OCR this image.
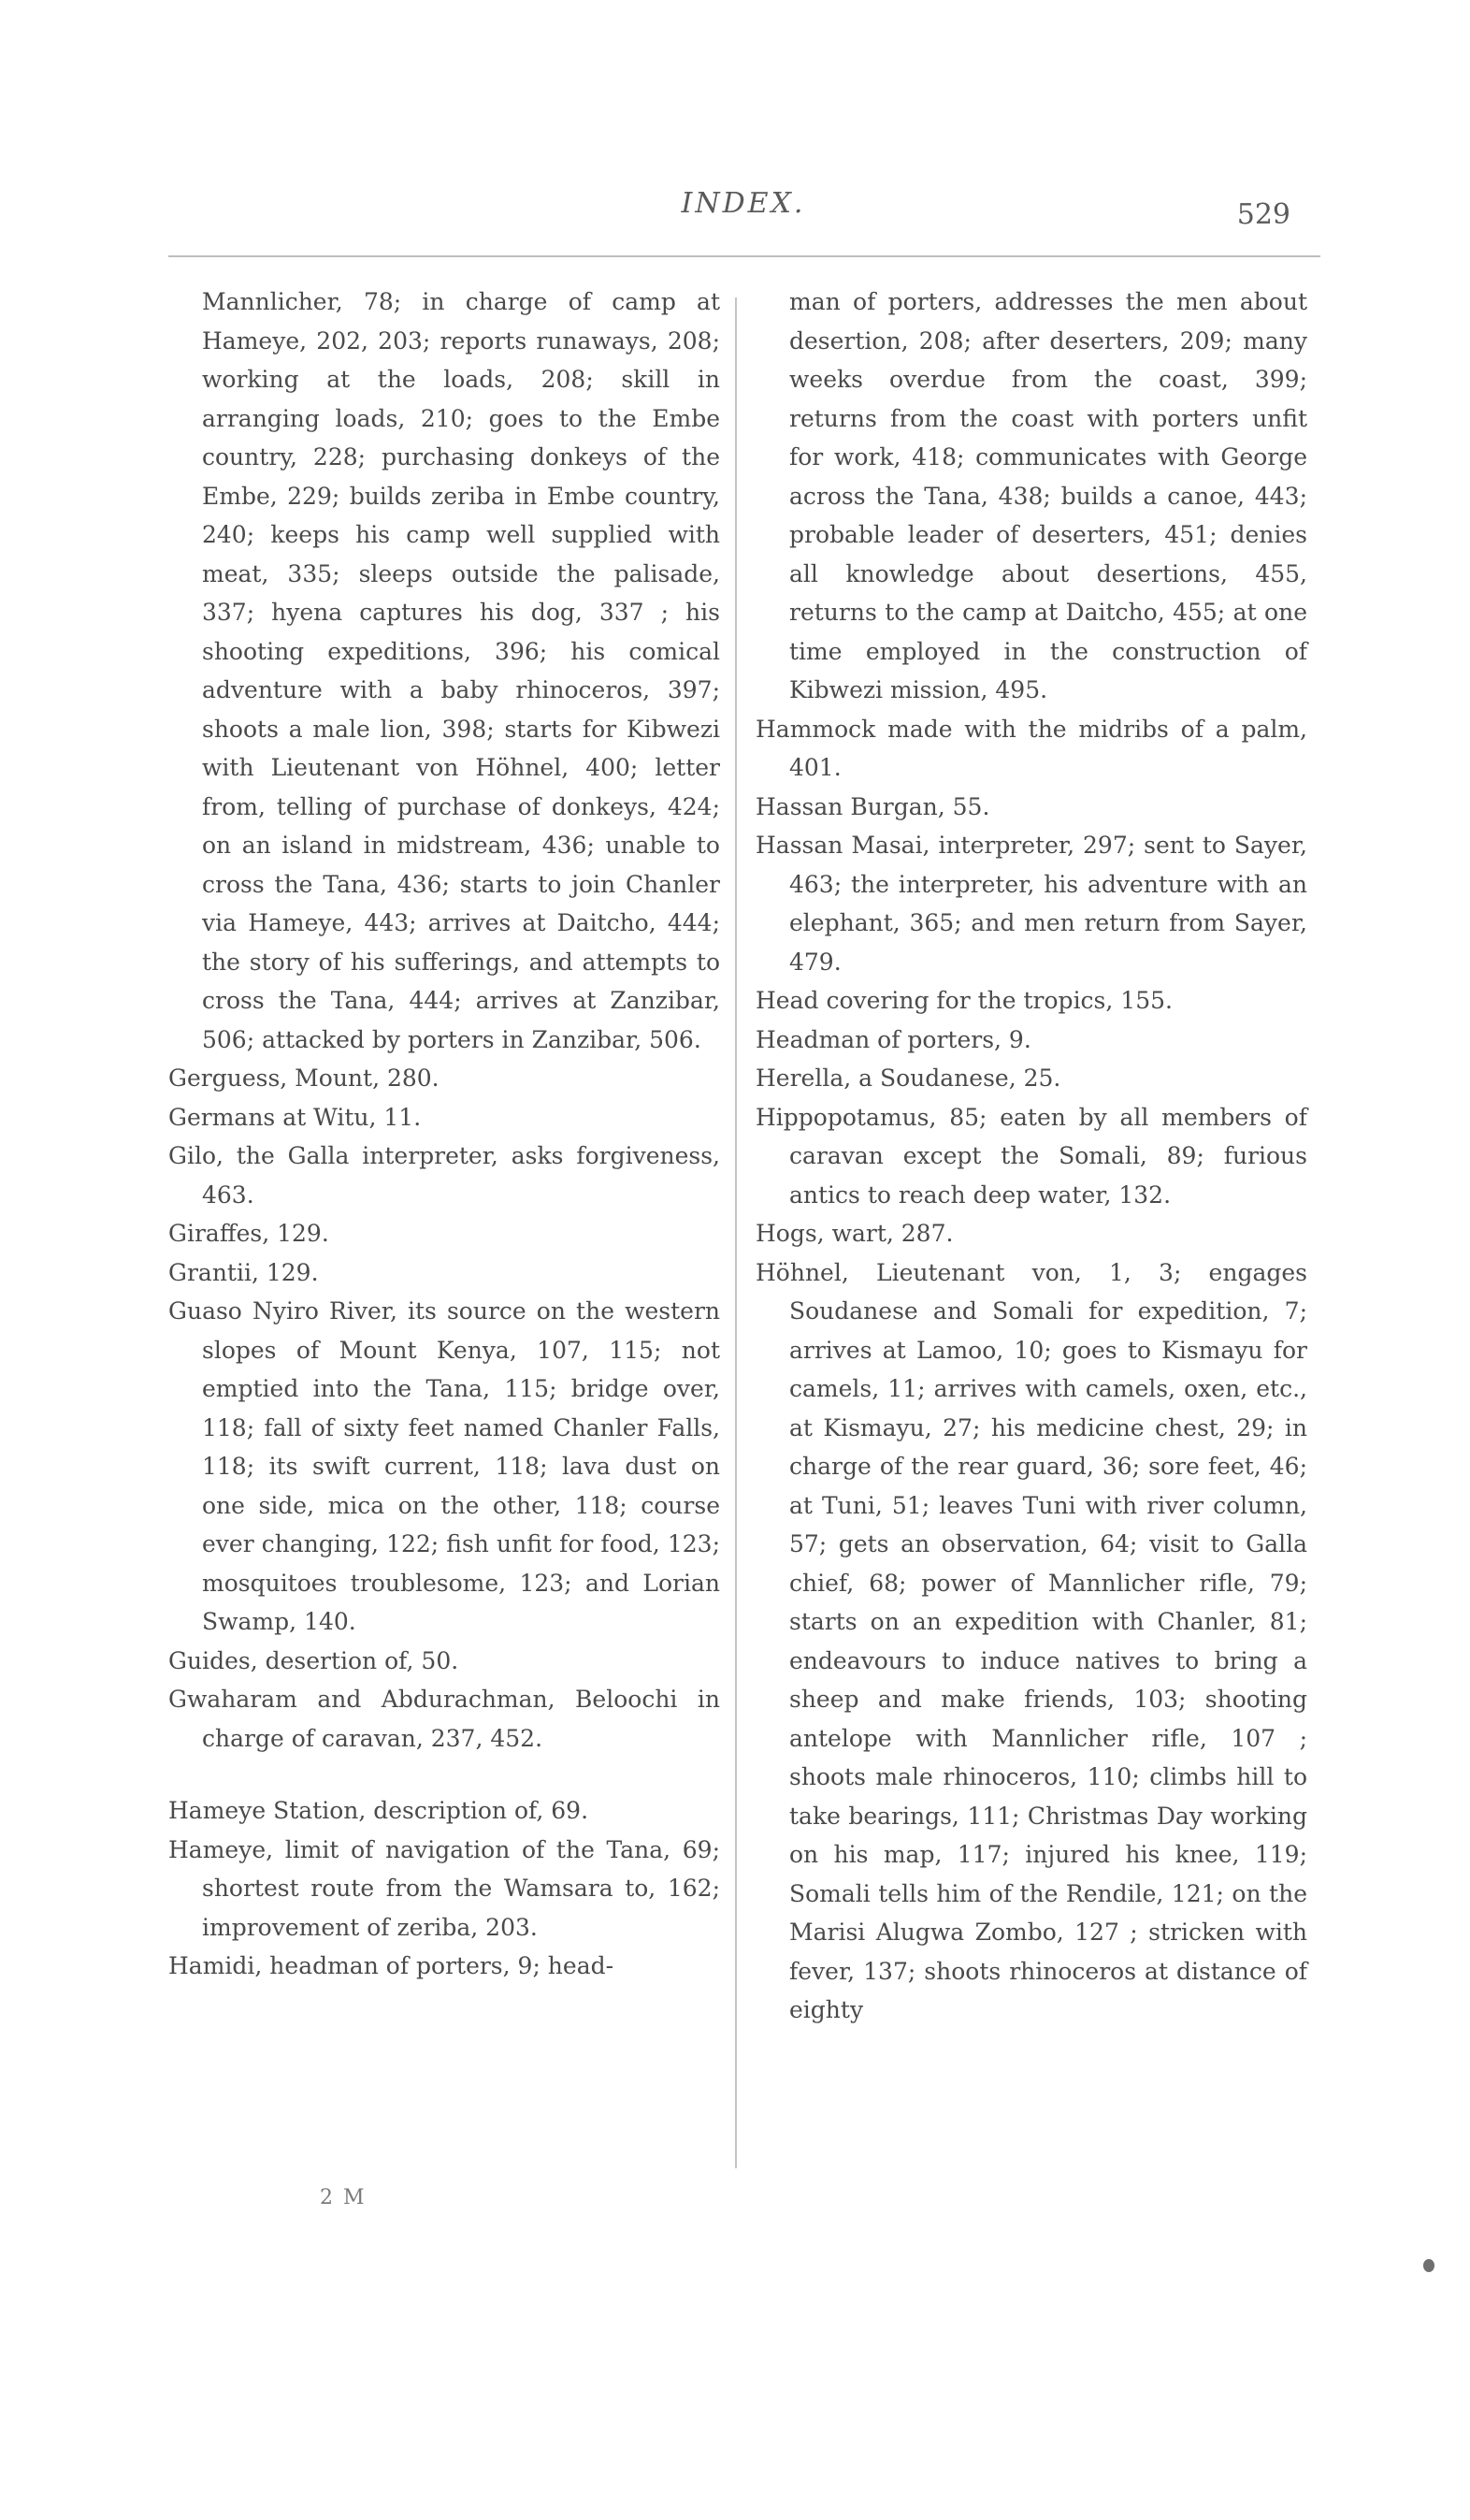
INDEX.	529

Mannlicher, 78; in charge of camp at Hameye, 202, 203; reports runaways, 208; working at the loads, 208; skill in arranging loads, 210; goes to the Embe country, 228; purchasing donkeys of the Embe, 229; builds zeriba in Embe country, 240; keeps his camp well supplied with meat, 335; sleeps outside the palisade, 337; hyena captures his dog, 337 ; his shooting expeditions, 396; his comical adventure with a baby rhinoceros, 397; shoots a male lion, 398; starts for Kibwezi with Lieutenant von Höhnel, 400; letter from, telling of purchase of donkeys, 424; on an island in midstream, 436; unable to cross the Tana, 436; starts to join Chanler via Hameye, 443; arrives at Daitcho, 444; the story of his sufferings, and attempts to cross the Tana, 444; arrives at Zanzibar, 506; attacked by porters in Zanzibar, 506.

Gerguess, Mount, 280.

Germans at Witu, 11.

Gilo, the Galla interpreter, asks forgiveness, 463.

Giraffes, 129.

Grantii, 129.

Guaso Nyiro River, its source on the western slopes of Mount Kenya, 107, 115; not emptied into the Tana, 115; bridge over, 118; fall of sixty feet named Chanler Falls, 118; its swift current, 118; lava dust on one side, mica on the other, 118; course ever changing, 122; fish unfit for food, 123; mosquitoes troublesome, 123; and Lorian Swamp, 140.

Guides, desertion of, 50.

Gwaharam and Abdurachman, Beloochi in charge of caravan, 237, 452.

Hameye Station, description of, 69.

Hameye, limit of navigation of the Tana, 69; shortest route from the Wamsara to, 162; improvement of zeriba, 203.

Hamidi, headman of porters, 9; head-

man of porters, addresses the men about desertion, 208; after deserters, 209; many weeks overdue from the coast, 399; returns from the coast with porters unfit for work, 418; communicates with George across the Tana, 438; builds a canoe, 443; probable leader of deserters, 451; denies all knowledge about desertions, 455, returns to the camp at Daitcho, 455; at one time employed in the construction of Kibwezi mission, 495.

Hammock made with the midribs of a palm, 401.

Hassan Burgan, 55.

Hassan Masai, interpreter, 297; sent to Sayer, 463; the interpreter, his adventure with an elephant, 365; and men return from Sayer, 479.

Head covering for the tropics, 155.

Headman of porters, 9.

Herella, a Soudanese, 25.

Hippopotamus, 85; eaten by all members of caravan except the Somali, 89; furious antics to reach deep water, 132.

Hogs, wart, 287.

Höhnel, Lieutenant von, 1, 3; engages Soudanese and Somali for expedition, 7; arrives at Lamoo, 10; goes to Kismayu for camels, 11; arrives with camels, oxen, etc., at Kismayu, 27; his medicine chest, 29; in charge of the rear guard, 36; sore feet, 46; at Tuni, 51; leaves Tuni with river column, 57; gets an observation, 64; visit to Galla chief, 68; power of Mannlicher rifle, 79; starts on an expedition with Chanler, 81; endeavours to induce natives to bring a sheep and make friends, 103; shooting antelope with Mannlicher rifle, 107 ; shoots male rhinoceros, 110; climbs hill to take bearings, 111; Christmas Day working on his map, 117; injured his knee, 119; Somali tells him of the Rendile, 121; on the Marisi Alugwa Zombo, 127 ; stricken with fever, 137; shoots rhinoceros at distance of eighty

2 M
